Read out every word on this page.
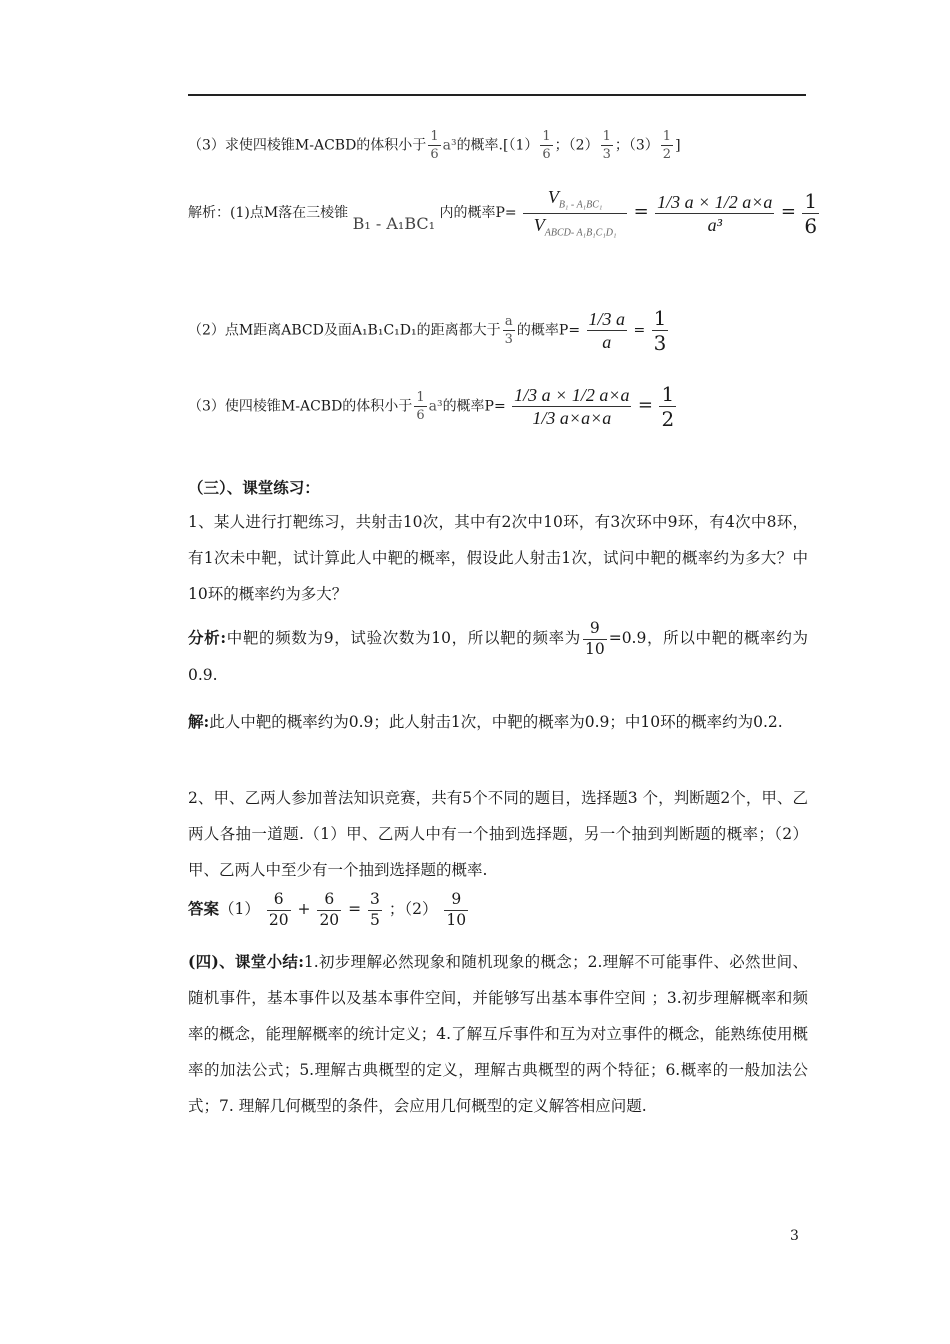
（3）求使四棱锥M-ACBD的体积小于 $\frac{1}{6} a^3$的概率$.[(1) \frac{1}{6}$ ；$(2) \frac{1}{3}$ ；$(3) \frac{1}{2}$ ]
解析：(1)点M落在三棱锥 B₁ - A₁BC₁ 内的概率$P= \frac{V_{B_1 - A_1BC_1}}{V_{ABCD- A_1B_1C_1D_1}} = \frac{1/3 a \times 1/2 a\times a}{\text{a³}} = \frac{1}{6}$
（2）点M距离ABCD及面A₁B₁C₁D₁的距离都大于 $\frac{a}{3}$ 的概率$P= \frac{1/3 a}{a} = \frac{1}{3}$
（3）使四棱锥M-ACBD的体积小于 $\frac{1}{6} a^3$的概率$P= \frac{1/3 a \times 1/2 a\times a}{1/3 a\times a\times a} = \frac{1}{2}$
（三）、课堂练习：
1、某人进行打靶练习，共射击10次，其中有2次中10环，有3次环中9环，有4次中8环，有1次未中靶，试计算此人中靶的概率，假设此人射击1次，试问中靶的概率约为多大？中10环的概率约为多大？
分析:中靶的频数为9，试验次数为10，所以靶的频率为 $\frac{9}{10} =0.9$，所以中靶的概率约为0.9.
解:此人中靶的概率约为0.9；此人射击1次，中靶的概率为0.9；中10环的概率约为0.2.
2、甲、乙两人参加普法知识竞赛，共有5个不同的题目，选择题3 个，判断题2个，甲、乙两人各抽一道题.（1）甲、乙两人中有一个抽到选择题，另一个抽到判断题的概率；（2）甲、乙两人中至少有一个抽到选择题的概率.
答案$(1) \frac{6}{20} + \frac{6}{20} = \frac{3}{5}$ ；$(2) \frac{9}{10}$
(四)、课堂小结:1.初步理解必然现象和随机现象的概念；2.理解不可能事件、必然世间、随机事件，基本事件以及基本事件空间，并能够写出基本事件空间 ；3.初步理解概率和频率的概念，能理解概率的统计定义；4.了解互斥事件和互为对立事件的概念，能熟练使用概率的加法公式；5.理解古典概型的定义，理解古典概型的两个特征；6.概率的一般加法公式；7. 理解几何概型的条件，会应用几何概型的定义解答相应问题.
3
